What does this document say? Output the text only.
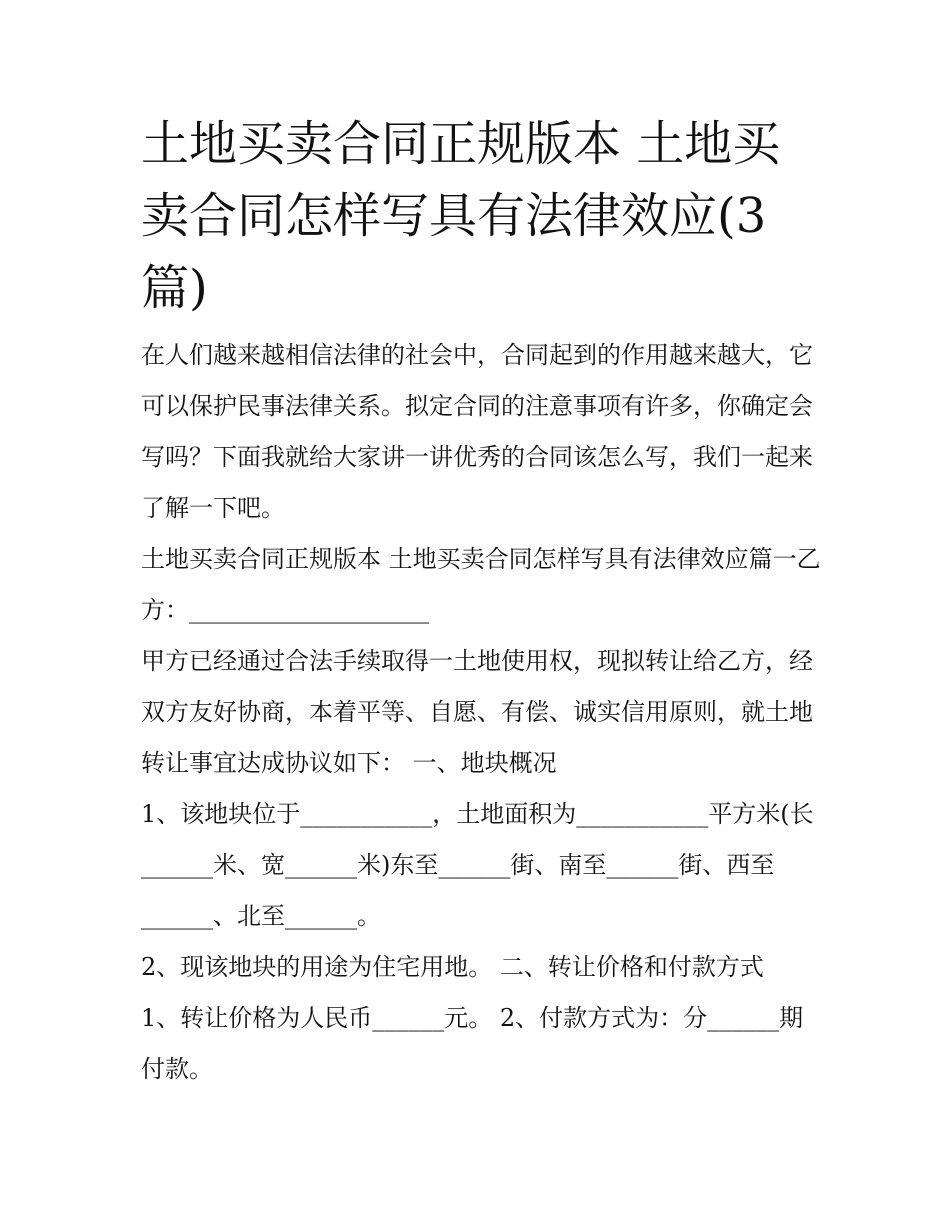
土地买卖合同正规版本 土地买卖合同怎样写具有法律效应(3篇)

在人们越来越相信法律的社会中，合同起到的作用越来越大，它可以保护民事法律关系。拟定合同的注意事项有许多，你确定会写吗？下面我就给大家讲一讲优秀的合同该怎么写，我们一起来了解一下吧。

土地买卖合同正规版本 土地买卖合同怎样写具有法律效应篇一乙方：____________________

甲方已经通过合法手续取得一土地使用权，现拟转让给乙方，经双方友好协商，本着平等、自愿、有偿、诚实信用原则，就土地转让事宜达成协议如下： 一、地块概况

1、该地块位于___________，土地面积为___________平方米(长______米、宽______米)东至______街、南至______街、西至______、北至______。

2、现该地块的用途为住宅用地。 二、转让价格和付款方式

1、转让价格为人民币______元。 2、付款方式为：分______期付款。
